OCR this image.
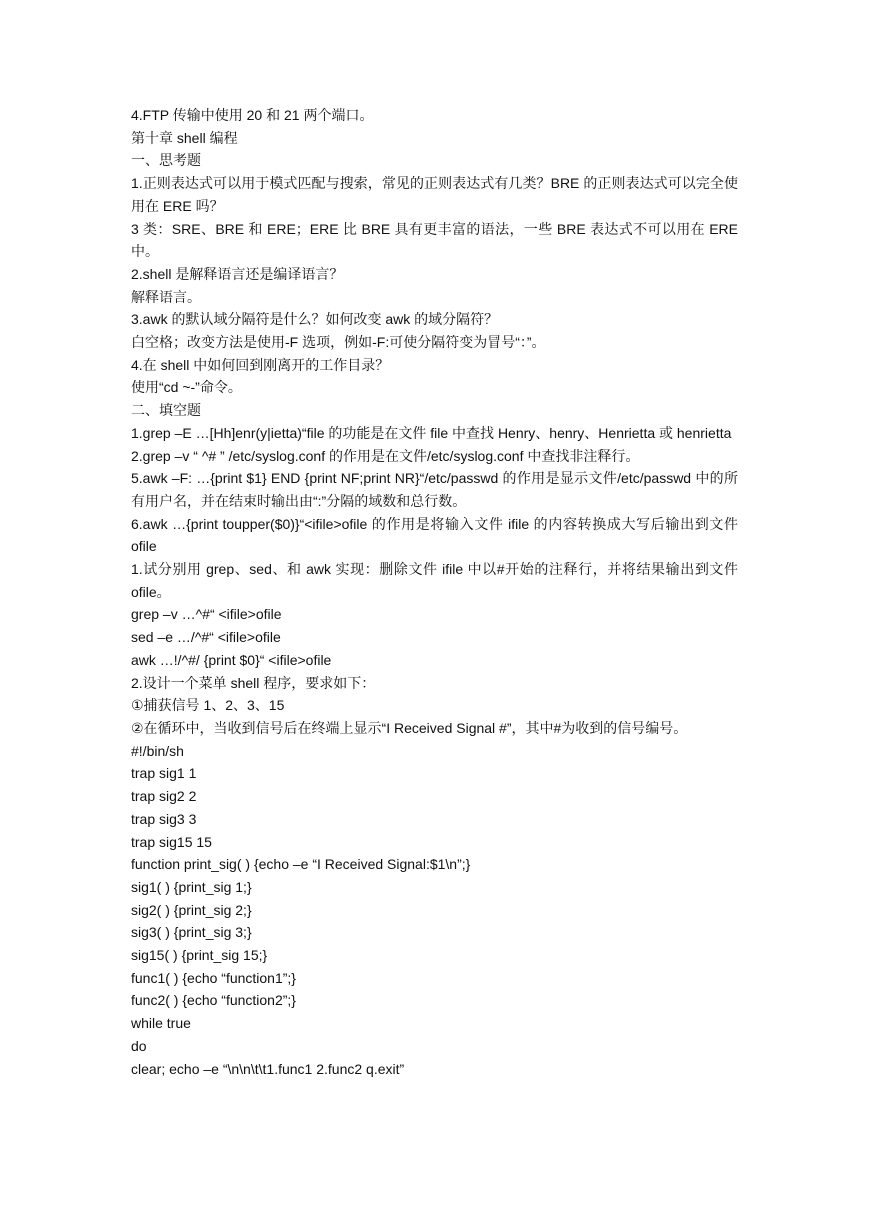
4.FTP 传输中使用 20 和 21 两个端口。
第十章 shell 编程
一、思考题
1.正则表达式可以用于模式匹配与搜索，常见的正则表达式有几类？BRE 的正则表达式可以完全使用在 ERE 吗？
3 类：SRE、BRE 和 ERE；ERE 比 BRE 具有更丰富的语法，一些 BRE 表达式不可以用在 ERE 中。
2.shell 是解释语言还是编译语言？
解释语言。
3.awk 的默认域分隔符是什么？如何改变 awk 的域分隔符？
白空格；改变方法是使用-F 选项，例如-F:可使分隔符变为冒号“：”。
4.在 shell 中如何回到刚离开的工作目录？
使用“cd ~-”命令。
二、填空题
1.grep –E …[Hh]enr(y|ietta)“file 的功能是在文件 file 中查找 Henry、henry、Henrietta 或 henrietta
2.grep –v “ ^# ” /etc/syslog.conf 的作用是在文件/etc/syslog.conf 中查找非注释行。
5.awk –F: …{print $1} END {print NF;print NR}“/etc/passwd 的作用是显示文件/etc/passwd 中的所有用户名，并在结束时输出由“:”分隔的域数和总行数。
6.awk …{print toupper($0)}“<ifile>ofile 的作用是将输入文件 ifile 的内容转换成大写后输出到文件 ofile
1.试分别用 grep、sed、和 awk 实现：删除文件 ifile 中以#开始的注释行，并将结果输出到文件 ofile。
grep –v …^#“ <ifile>ofile
sed –e …/^#“ <ifile>ofile
awk …!/^#/ {print $0}“ <ifile>ofile
2.设计一个菜单 shell 程序，要求如下：
①捕获信号 1、2、3、15
②在循环中，当收到信号后在终端上显示“I Received Signal #”，其中#为收到的信号编号。
#!/bin/sh
trap sig1 1
trap sig2 2
trap sig3 3
trap sig15 15
function print_sig( ) {echo –e “I Received Signal:$1\n”;}
sig1( ) {print_sig 1;}
sig2( ) {print_sig 2;}
sig3( ) {print_sig 3;}
sig15( ) {print_sig 15;}
func1( ) {echo “function1”;}
func2( ) {echo “function2”;}
while true
do
clear; echo –e “\n\n\t\t1.func1 2.func2 q.exit”
